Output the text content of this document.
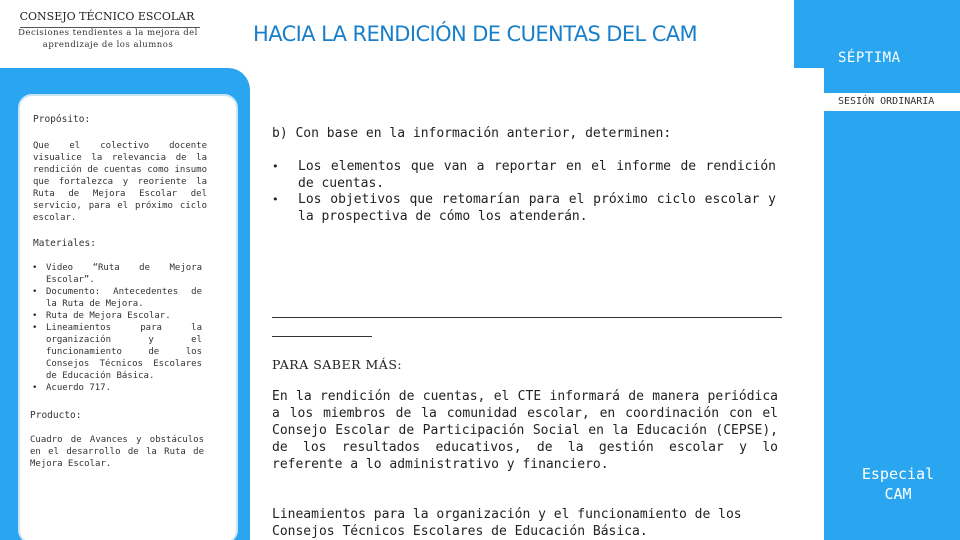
CONSEJO TÉCNICO ESCOLAR
Decisiones tendientes a la mejora del aprendizaje de los alumnos	HACIA LA RENDICIÓN DE CUENTAS DEL CAM
SÉPTIMA
SESIÓN ORDINARIA
Propósito:
Que el colectivo docente visualice la relevancia de la rendición de cuentas como insumo que fortalezca y reoriente la Ruta de Mejora Escolar del servicio, para el próximo ciclo escolar.
Materiales:
• Video “Ruta de Mejora Escolar”.
• Documento: Antecedentes de la Ruta de Mejora.
• Ruta de Mejora Escolar.
• Lineamientos para la organización y el funcionamiento de los Consejos Técnicos Escolares de Educación Básica.
• Acuerdo 717.
Producto:
Cuadro de Avances y obstáculos en el desarrollo de la Ruta de Mejora Escolar.
b) Con base en la información anterior, determinen:
• Los elementos que van a reportar en el informe de rendición de cuentas.
• Los objetivos que retomarían para el próximo ciclo escolar y la prospectiva de cómo los atenderán.
PARA SABER MÁS:
En la rendición de cuentas, el CTE informará de manera periódica a los miembros de la comunidad escolar, en coordinación con el Consejo Escolar de Participación Social en la Educación (CEPSE), de los resultados educativos, de la gestión escolar y lo referente a lo administrativo y financiero.
Lineamientos para la organización y el funcionamiento de los Consejos Técnicos Escolares de Educación Básica.
Especial
CAM
